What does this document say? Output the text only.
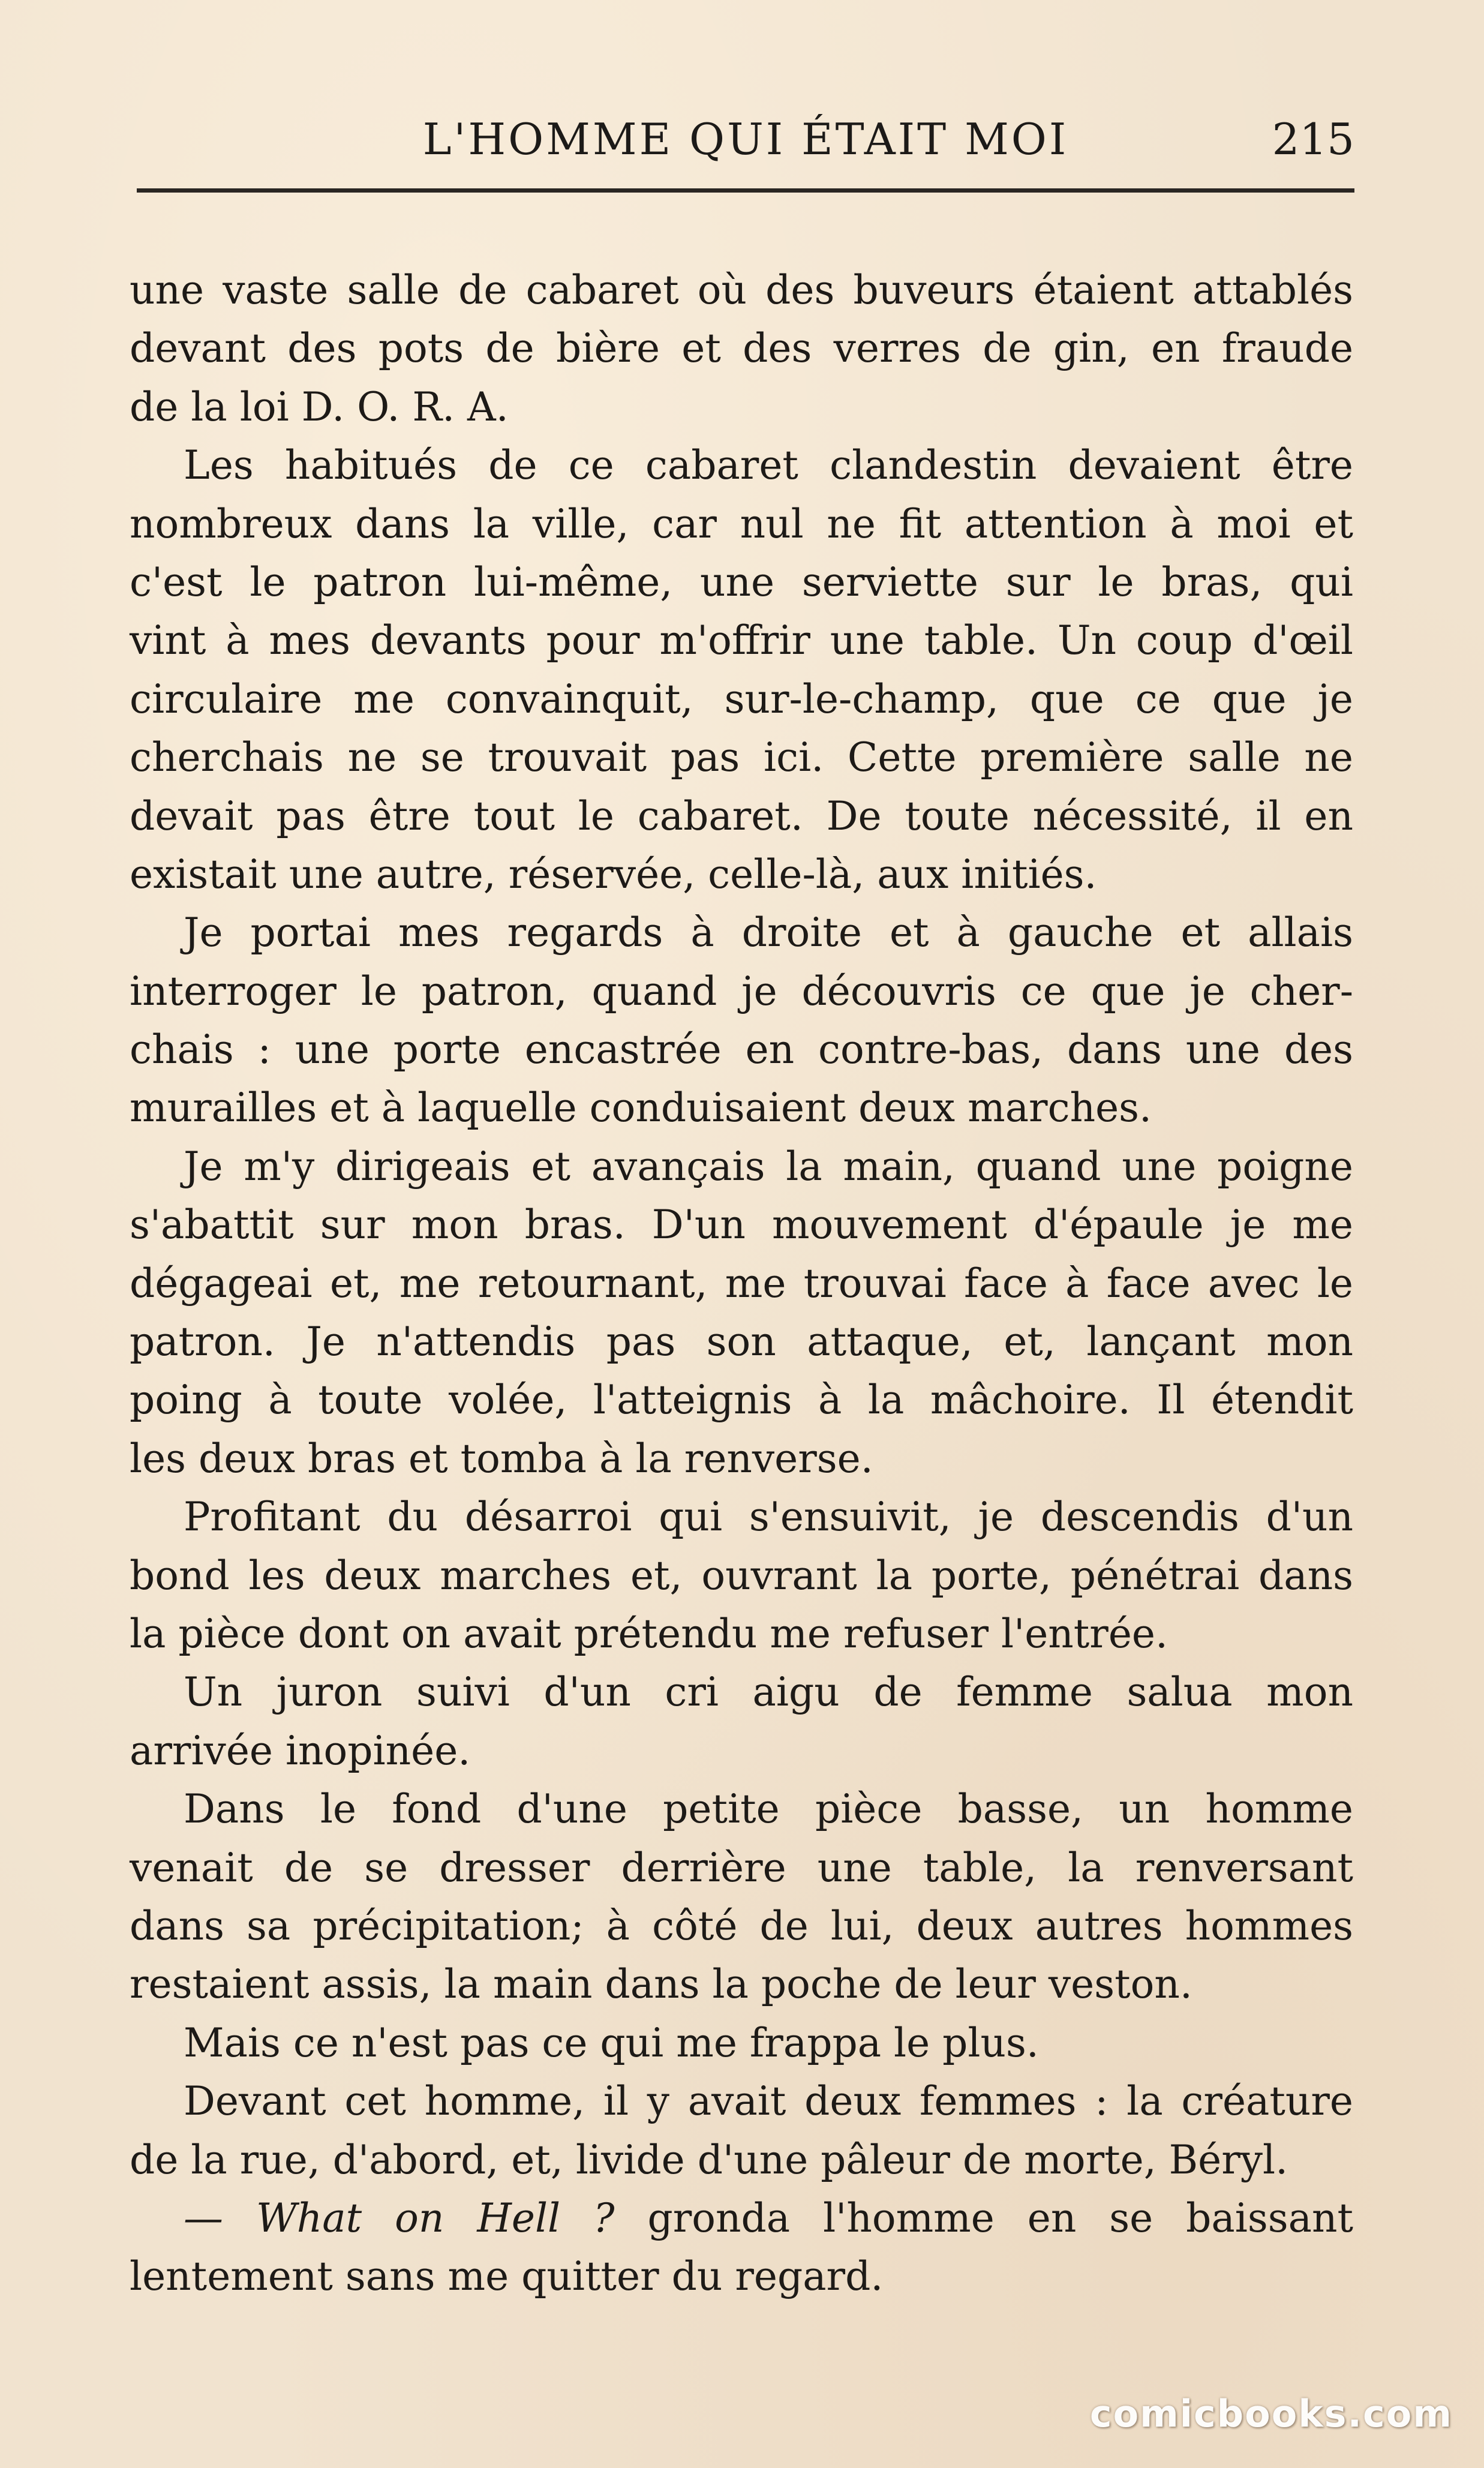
L'HOMME QUI ÉTAIT MOI	215
une vaste salle de cabaret où des buveurs étaient attablés
devant des pots de bière et des verres de gin, en fraude
de la loi D. O. R. A.
Les habitués de ce cabaret clandestin devaient être
nombreux dans la ville, car nul ne fit attention à moi et
c'est le patron lui-même, une serviette sur le bras, qui
vint à mes devants pour m'offrir une table. Un coup d'œil
circulaire me convainquit, sur-le-champ, que ce que je
cherchais ne se trouvait pas ici. Cette première salle ne
devait pas être tout le cabaret. De toute nécessité, il en
existait une autre, réservée, celle-là, aux initiés.
Je portai mes regards à droite et à gauche et allais
interroger le patron, quand je découvris ce que je cher-
chais : une porte encastrée en contre-bas, dans une des
murailles et à laquelle conduisaient deux marches.
Je m'y dirigeais et avançais la main, quand une poigne
s'abattit sur mon bras. D'un mouvement d'épaule je me
dégageai et, me retournant, me trouvai face à face avec le
patron. Je n'attendis pas son attaque, et, lançant mon
poing à toute volée, l'atteignis à la mâchoire. Il étendit
les deux bras et tomba à la renverse.
Profitant du désarroi qui s'ensuivit, je descendis d'un
bond les deux marches et, ouvrant la porte, pénétrai dans
la pièce dont on avait prétendu me refuser l'entrée.
Un juron suivi d'un cri aigu de femme salua mon
arrivée inopinée.
Dans le fond d'une petite pièce basse, un homme
venait de se dresser derrière une table, la renversant
dans sa précipitation; à côté de lui, deux autres hommes
restaient assis, la main dans la poche de leur veston.
Mais ce n'est pas ce qui me frappa le plus.
Devant cet homme, il y avait deux femmes : la créature
de la rue, d'abord, et, livide d'une pâleur de morte, Béryl.
— What on Hell ? gronda l'homme en se baissant
lentement sans me quitter du regard.
comicbooks.com
